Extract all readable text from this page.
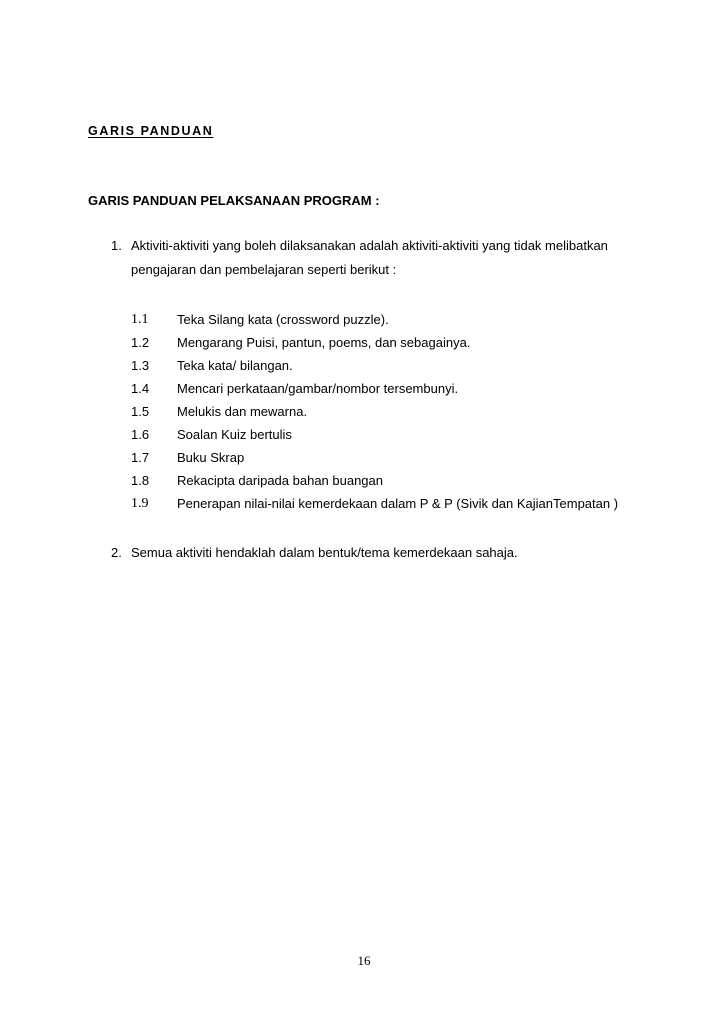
GARIS PANDUAN
GARIS PANDUAN PELAKSANAAN PROGRAM :
1. Aktiviti-aktiviti yang boleh dilaksanakan adalah aktiviti-aktiviti yang tidak melibatkan pengajaran dan pembelajaran seperti berikut :
1.1 Teka Silang kata (crossword puzzle).
1.2 Mengarang Puisi, pantun, poems, dan sebagainya.
1.3 Teka kata/ bilangan.
1.4 Mencari perkataan/gambar/nombor tersembunyi.
1.5 Melukis dan mewarna.
1.6 Soalan Kuiz bertulis
1.7 Buku Skrap
1.8 Rekacipta daripada bahan buangan
1.9 Penerapan nilai-nilai kemerdekaan dalam P & P (Sivik dan KajianTempatan )
2. Semua aktiviti hendaklah dalam bentuk/tema kemerdekaan sahaja.
16
